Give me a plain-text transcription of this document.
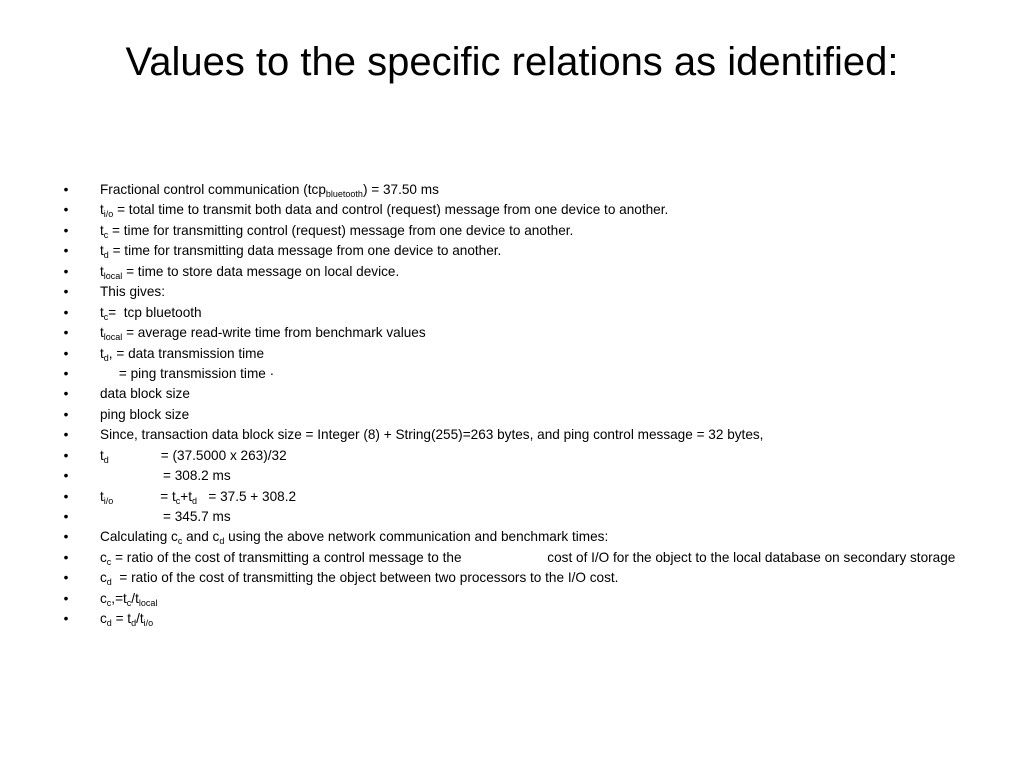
Values to the specific relations as identified:
• Fractional control communication (tcp$_{bluetooth}$) = 37.50 ms
• $t_{i/o}$ = total time to transmit both data and control (request) message from one device to another.
• $t_c$ = time for transmitting control (request) message from one device to another.
• $t_d$ = time for transmitting data message from one device to another.
• $t_{local}$ = time to store data message on local device.
• This gives:
• $t_c=$  tcp bluetooth
• $t_{local}$ = average read-write time from benchmark values
• $t_d$, = data transmission time
• = ping transmission time ·
• data block size
• ping block size
• Since, transaction data block size = Integer (8) + String(255)=263 bytes, and ping control message = 32 bytes,
• $t_d$	= (37.5000 x 263)/32
•	= 308.2 ms
• $t_{i/o}$	= $t_c+t_d = 37.5 + 308.2$
•	= 345.7 ms
• Calculating $c_c$ and $c_d$ using the above network communication and benchmark times:
• $c_c$ = ratio of the cost of transmitting a control message to the	cost of I/O for the object to the local database on secondary storage
• $c_d$  = ratio of the cost of transmitting the object between two processors to the I/O cost.
• $c_c,=t_c/t_{local}$
• $c_d = t_d/t_{i/o}$
